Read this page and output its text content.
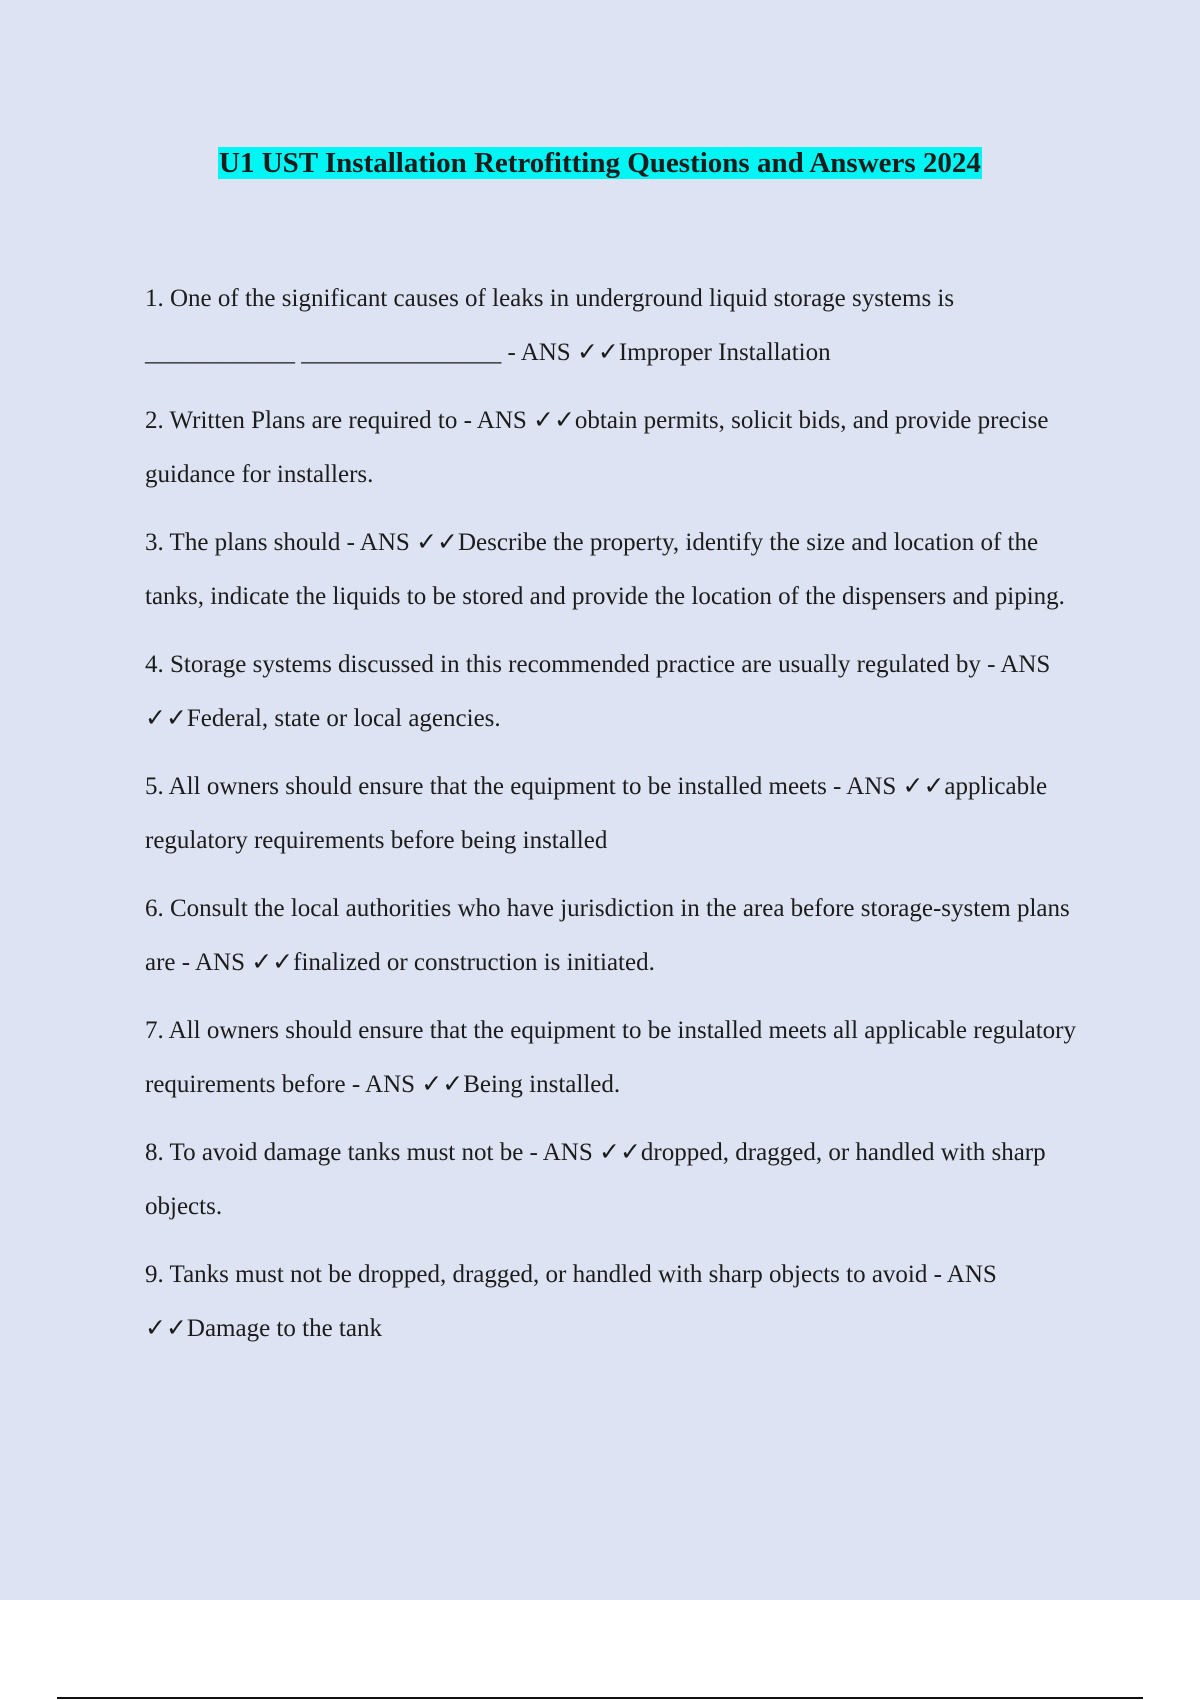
U1 UST Installation Retrofitting Questions and Answers 2024

1. One of the significant causes of leaks in underground liquid storage systems is ____________ ________________ - ANS ✓✓Improper Installation

2. Written Plans are required to - ANS ✓✓obtain permits, solicit bids, and provide precise guidance for installers.

3. The plans should - ANS ✓✓Describe the property, identify the size and location of the tanks, indicate the liquids to be stored and provide the location of the dispensers and piping.

4. Storage systems discussed in this recommended practice are usually regulated by - ANS ✓✓Federal, state or local agencies.

5. All owners should ensure that the equipment to be installed meets - ANS ✓✓applicable regulatory requirements before being installed

6. Consult the local authorities who have jurisdiction in the area before storage-system plans are - ANS ✓✓finalized or construction is initiated.

7. All owners should ensure that the equipment to be installed meets all applicable regulatory requirements before - ANS ✓✓Being installed.

8. To avoid damage tanks must not be - ANS ✓✓dropped, dragged, or handled with sharp objects.

9. Tanks must not be dropped, dragged, or handled with sharp objects to avoid - ANS ✓✓Damage to the tank
